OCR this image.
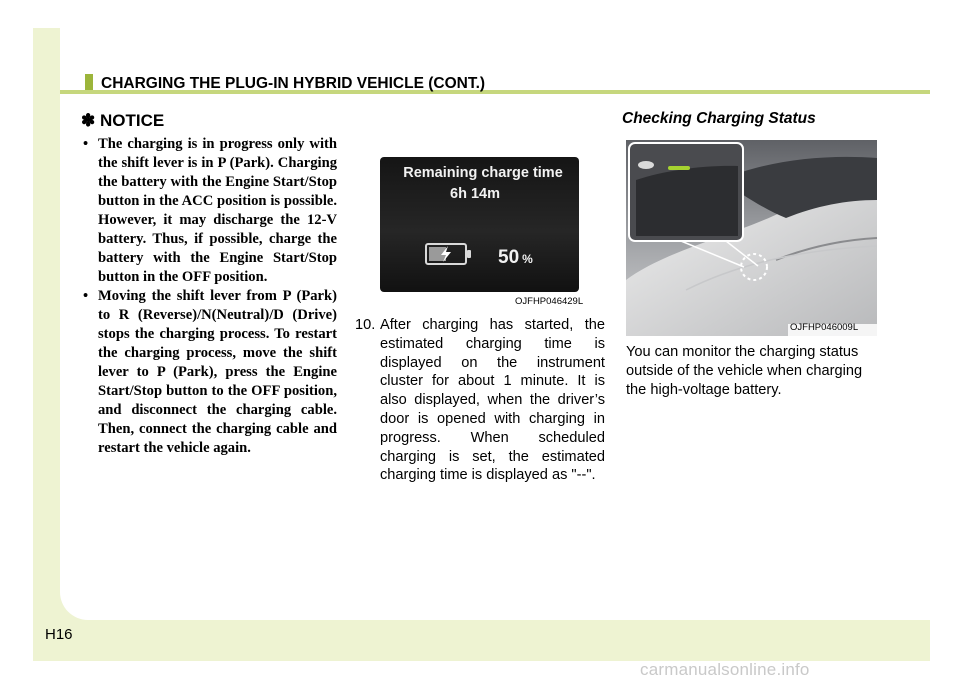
CHARGING THE PLUG-IN HYBRID VEHICLE (CONT.)
✽ NOTICE
• The charging is in progress only with the shift lever is in P (Park). Charging the battery with the Engine Start/Stop button in the ACC position is possible. However, it may discharge the 12-V battery. Thus, if possible, charge the battery with the Engine Start/Stop button in the OFF position.
• Moving the shift lever from P (Park) to R (Reverse)/N(Neutral)/D (Drive) stops the charging process. To restart the charging process, move the shift lever to P (Park), press the Engine Start/Stop button to the OFF position, and disconnect the charging cable. Then, connect the charging cable and restart the vehicle again.
Remaining charge time
6h 14m
50 %
OJFHP046429L
10. After charging has started, the estimated charging time is displayed on the instrument cluster for about 1 minute. It is also displayed, when the driver’s door is opened with charging in progress. When scheduled charging is set, the estimated charging time is displayed as "--".
Checking Charging Status
OJFHP046009L
You can monitor the charging status outside of the vehicle when charging the high-voltage battery.
H16
carmanualsonline.info
